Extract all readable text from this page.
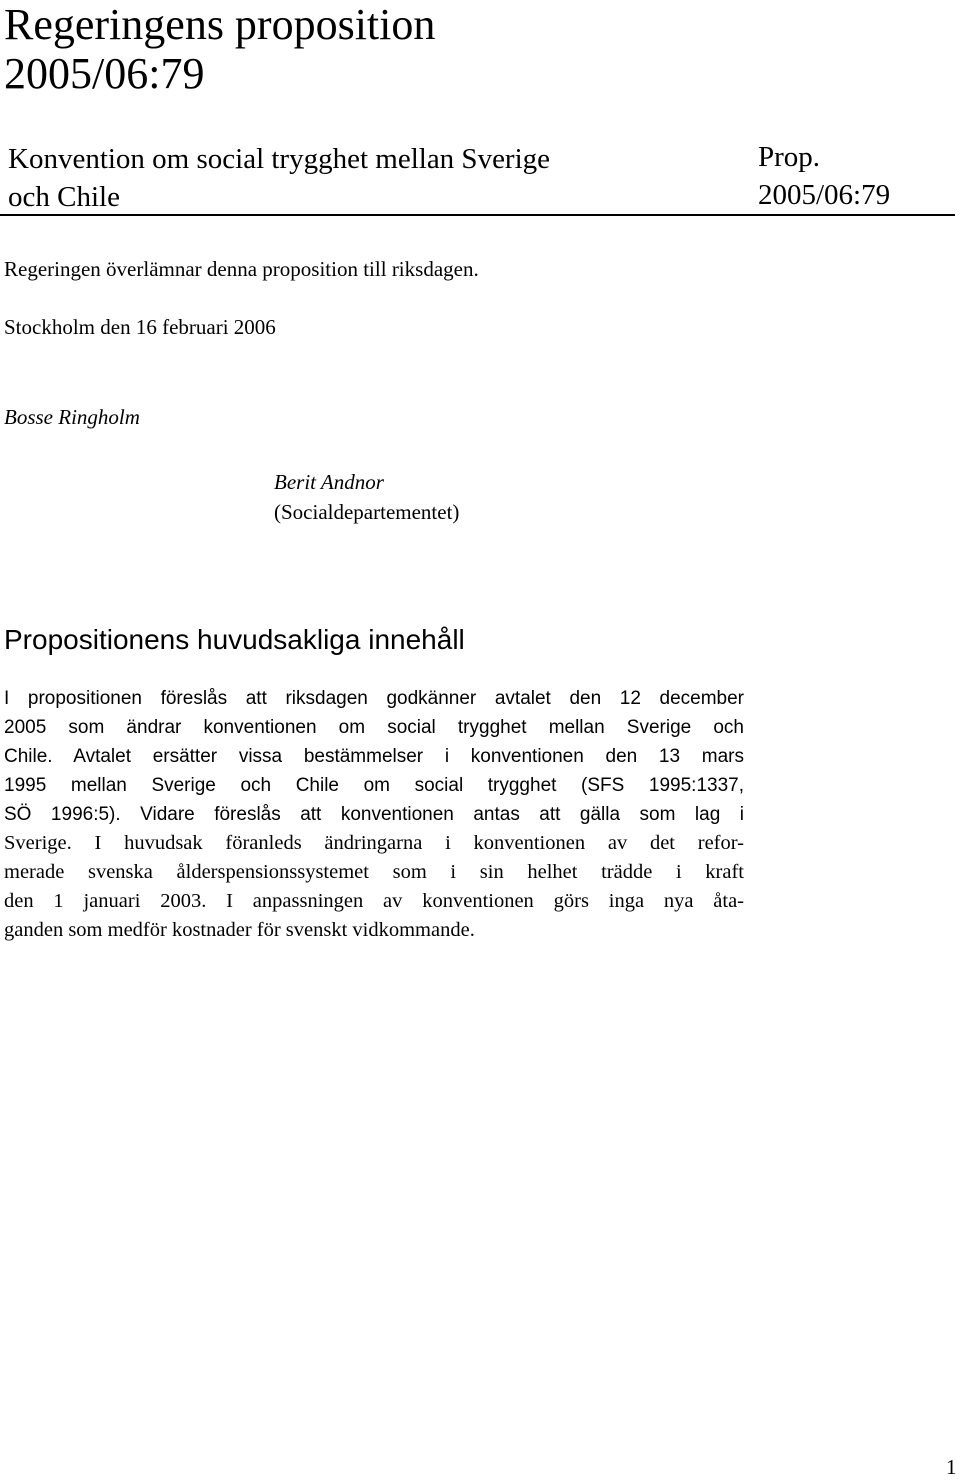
Regeringens proposition
2005/06:79
Konvention om social trygghet mellan Sverige
och Chile
Prop.
2005/06:79
Regeringen överlämnar denna proposition till riksdagen.
Stockholm den 16 februari 2006
Bosse Ringholm
Berit Andnor
(Socialdepartementet)
Propositionens huvudsakliga innehåll
I propositionen föreslås att riksdagen godkänner avtalet den 12 december
2005 som ändrar konventionen om social trygghet mellan Sverige och
Chile. Avtalet ersätter vissa bestämmelser i konventionen den 13 mars
1995 mellan Sverige och Chile om social trygghet (SFS 1995:1337,
SÖ 1996:5). Vidare föreslås att konventionen antas att gälla som lag i
Sverige. I huvudsak föranleds ändringarna i konventionen av det refor-
merade svenska ålderspensionssystemet som i sin helhet trädde i kraft
den 1 januari 2003. I anpassningen av konventionen görs inga nya åta-
ganden som medför kostnader för svenskt vidkommande.
1
